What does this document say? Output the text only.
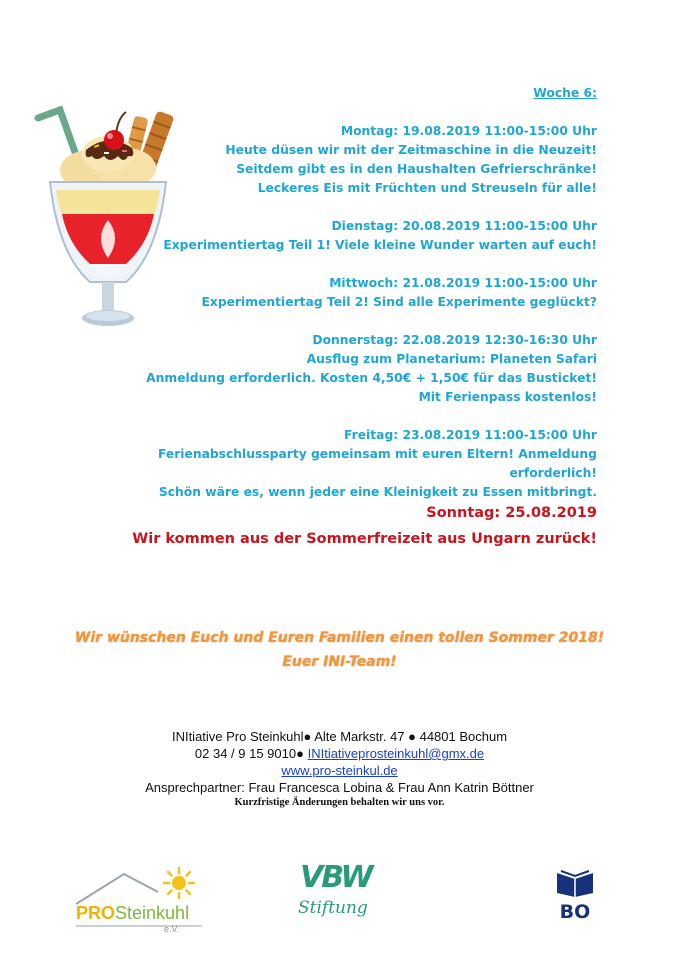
Woche 6:

Montag: 19.08.2019 11:00-15:00 Uhr

Heute düsen wir mit der Zeitmaschine in die Neuzeit!

Seitdem gibt es in den Haushalten Gefrierschränke!

Leckeres Eis mit Früchten und Streuseln für alle!

Dienstag: 20.08.2019 11:00-15:00 Uhr

Experimentiertag Teil 1! Viele kleine Wunder warten auf euch!

Mittwoch: 21.08.2019 11:00-15:00 Uhr

Experimentiertag Teil 2! Sind alle Experimente geglückt?

Donnerstag: 22.08.2019 12:30-16:30 Uhr

Ausflug zum Planetarium: Planeten Safari

Anmeldung erforderlich. Kosten 4,50€ + 1,50€ für das Busticket!

Mit Ferienpass kostenlos!

Freitag: 23.08.2019 11:00-15:00 Uhr

Ferienabschlussparty gemeinsam mit euren Eltern! Anmeldung erforderlich!

Schön wäre es, wenn jeder eine Kleinigkeit zu Essen mitbringt.

Sonntag: 25.08.2019

Wir kommen aus der Sommerfreizeit aus Ungarn zurück!

Wir wünschen Euch und Euren Familien einen tollen Sommer 2018!

Euer INI-Team!

INItiative Pro Steinkuhl● Alte Markstr. 47 ● 44801 Bochum

02 34 / 9 15 9010● INItiativeprosteinkuhl@gmx.de

www.pro-steinkul.de

Ansprechpartner: Frau Francesca Lobina & Frau Ann Katrin Böttner

Kurzfristige Änderungen behalten wir uns vor.

PROSteinkuhl
e.V.
VBW
Stiftung	BO
